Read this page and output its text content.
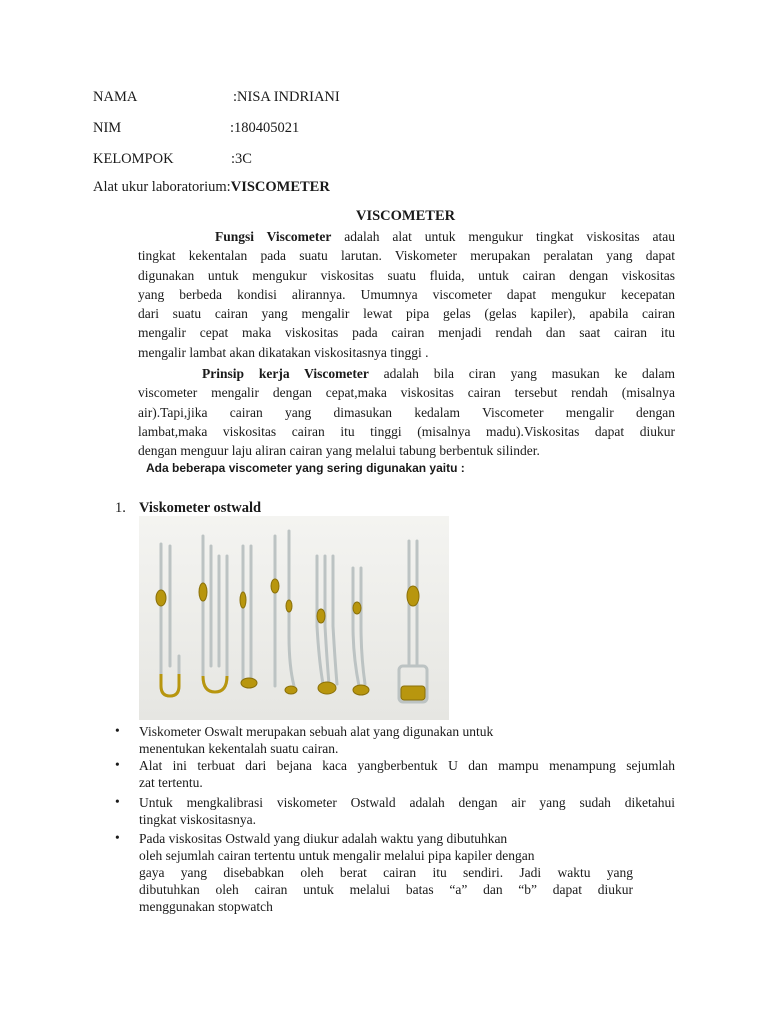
NAMA	:NISA INDRIANI
NIM	:180405021
KELOMPOK	:3C
Alat ukur laboratorium:VISCOMETER
VISCOMETER
Fungsi Viscometer adalah alat untuk mengukur tingkat viskositas atau
tingkat kekentalan pada suatu larutan. Viskometer merupakan peralatan yang dapat
digunakan untuk mengukur viskositas suatu fluida, untuk cairan dengan viskositas
yang berbeda kondisi alirannya. Umumnya viscometer dapat mengukur kecepatan
dari suatu cairan yang mengalir lewat pipa gelas (gelas kapiler), apabila cairan
mengalir cepat maka viskositas pada cairan menjadi rendah dan saat cairan itu
mengalir lambat akan dikatakan viskositasnya tinggi .
Prinsip kerja Viscometer adalah bila ciran yang masukan ke dalam
viscometer mengalir dengan cepat,maka viskositas cairan tersebut rendah (misalnya
air).Tapi,jika cairan yang dimasukan kedalam Viscometer mengalir dengan
lambat,maka viskositas cairan itu tinggi (misalnya madu).Viskositas dapat diukur
dengan menguur laju aliran cairan yang melalui tabung berbentuk silinder.
Ada beberapa viscometer yang sering digunakan yaitu :
1. Viskometer ostwald
• Viskometer Oswalt merupakan sebuah alat yang digunakan untuk
menentukan kekentalah suatu cairan.
• Alat ini terbuat dari bejana kaca yangberbentuk U dan mampu menampung sejumlah
zat tertentu.
• Untuk mengkalibrasi viskometer Ostwald adalah dengan air yang sudah diketahui
tingkat viskositasnya.
• Pada viskositas Ostwald yang diukur adalah waktu yang dibutuhkan
oleh sejumlah cairan tertentu untuk mengalir melalui pipa kapiler dengan
gaya yang disebabkan oleh berat cairan itu sendiri. Jadi waktu yang
dibutuhkan oleh cairan untuk melalui batas “a” dan “b” dapat diukur
menggunakan stopwatch
